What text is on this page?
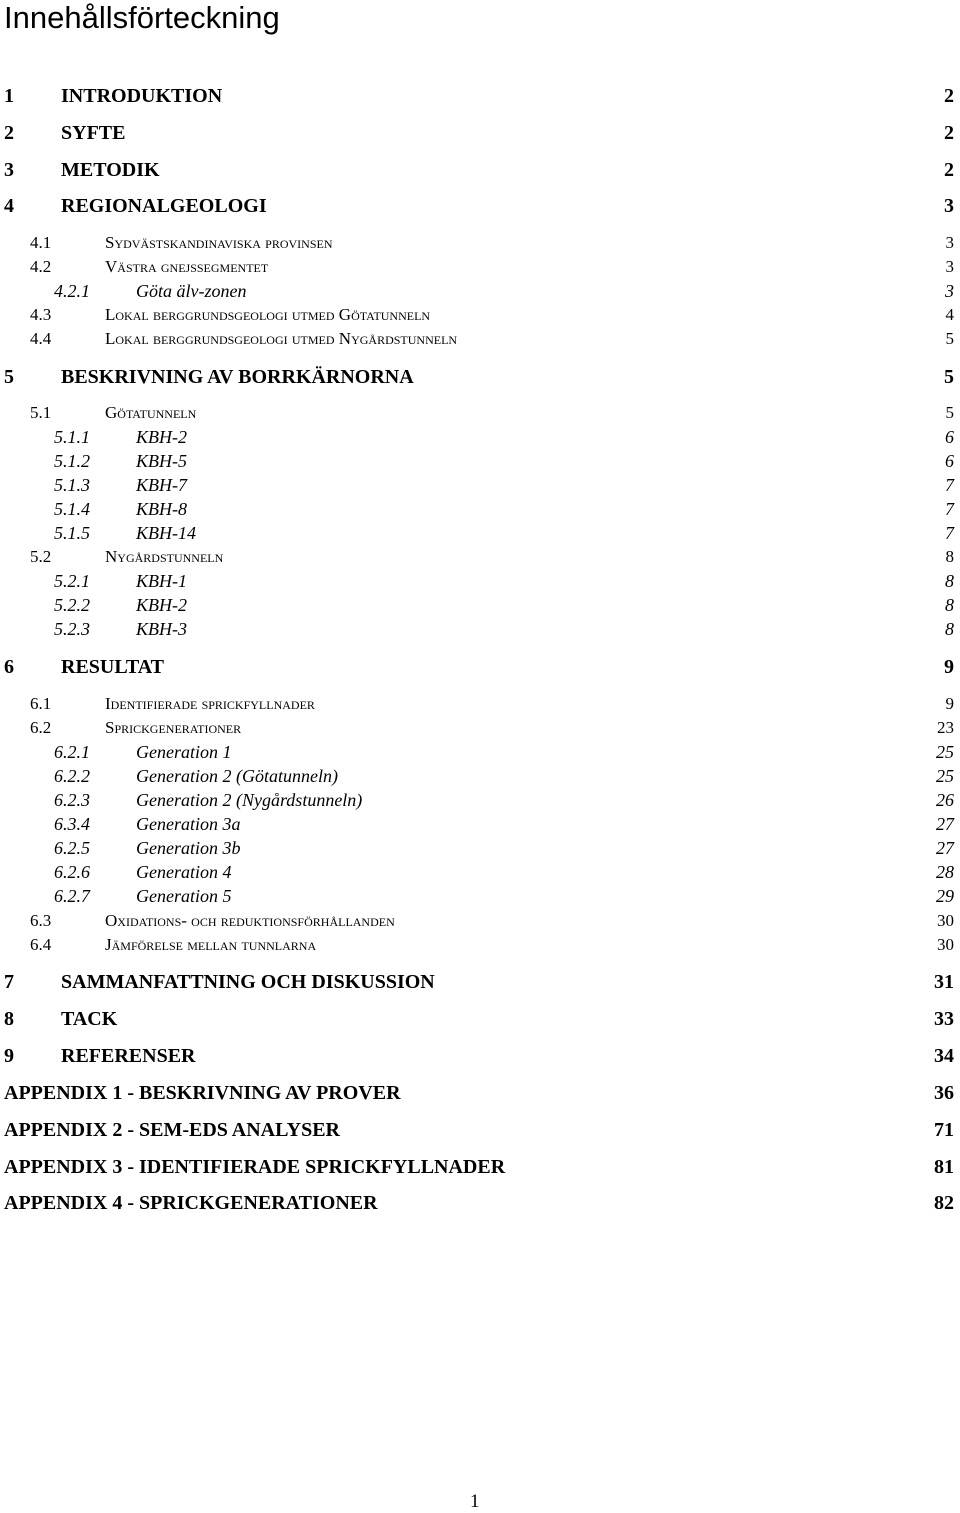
Innehållsförteckning
1 INTRODUKTION	2
2 SYFTE	2
3 METODIK	2
4 REGIONALGEOLOGI	3
4.1	Sydvästskandinaviska provinsen	3
4.2	Västra gnejssegmentet	3
4.2.1	Göta älv-zonen	3
4.3	Lokal berggrundsgeologi utmed Götatunneln	4
4.4	Lokal berggrundsgeologi utmed Nygårdstunneln	5
5 BESKRIVNING AV BORRKÄRNORNA	5
5.1	Götatunneln	5
5.1.1	KBH-2	6
5.1.2	KBH-5	6
5.1.3	KBH-7	7
5.1.4	KBH-8	7
5.1.5	KBH-14	7
5.2	Nygårdstunneln	8
5.2.1	KBH-1	8
5.2.2	KBH-2	8
5.2.3	KBH-3	8
6 RESULTAT	9
6.1	Identifierade sprickfyllnader	9
6.2	Sprickgenerationer	23
6.2.1	Generation 1	25
6.2.2	Generation 2 (Götatunneln)	25
6.2.3	Generation 2 (Nygårdstunneln)	26
6.3.4	Generation 3a	27
6.2.5	Generation 3b	27
6.2.6	Generation 4	28
6.2.7	Generation 5	29
6.3	Oxidations- och reduktionsförhållanden	30
6.4	Jämförelse mellan tunnlarna	30
7 SAMMANFATTNING OCH DISKUSSION	31
8 TACK	33
9 REFERENSER	34
APPENDIX 1 - BESKRIVNING AV PROVER	36
APPENDIX 2 - SEM-EDS ANALYSER	71
APPENDIX 3 - IDENTIFIERADE SPRICKFYLLNADER	81
APPENDIX 4 - SPRICKGENERATIONER	82
1
